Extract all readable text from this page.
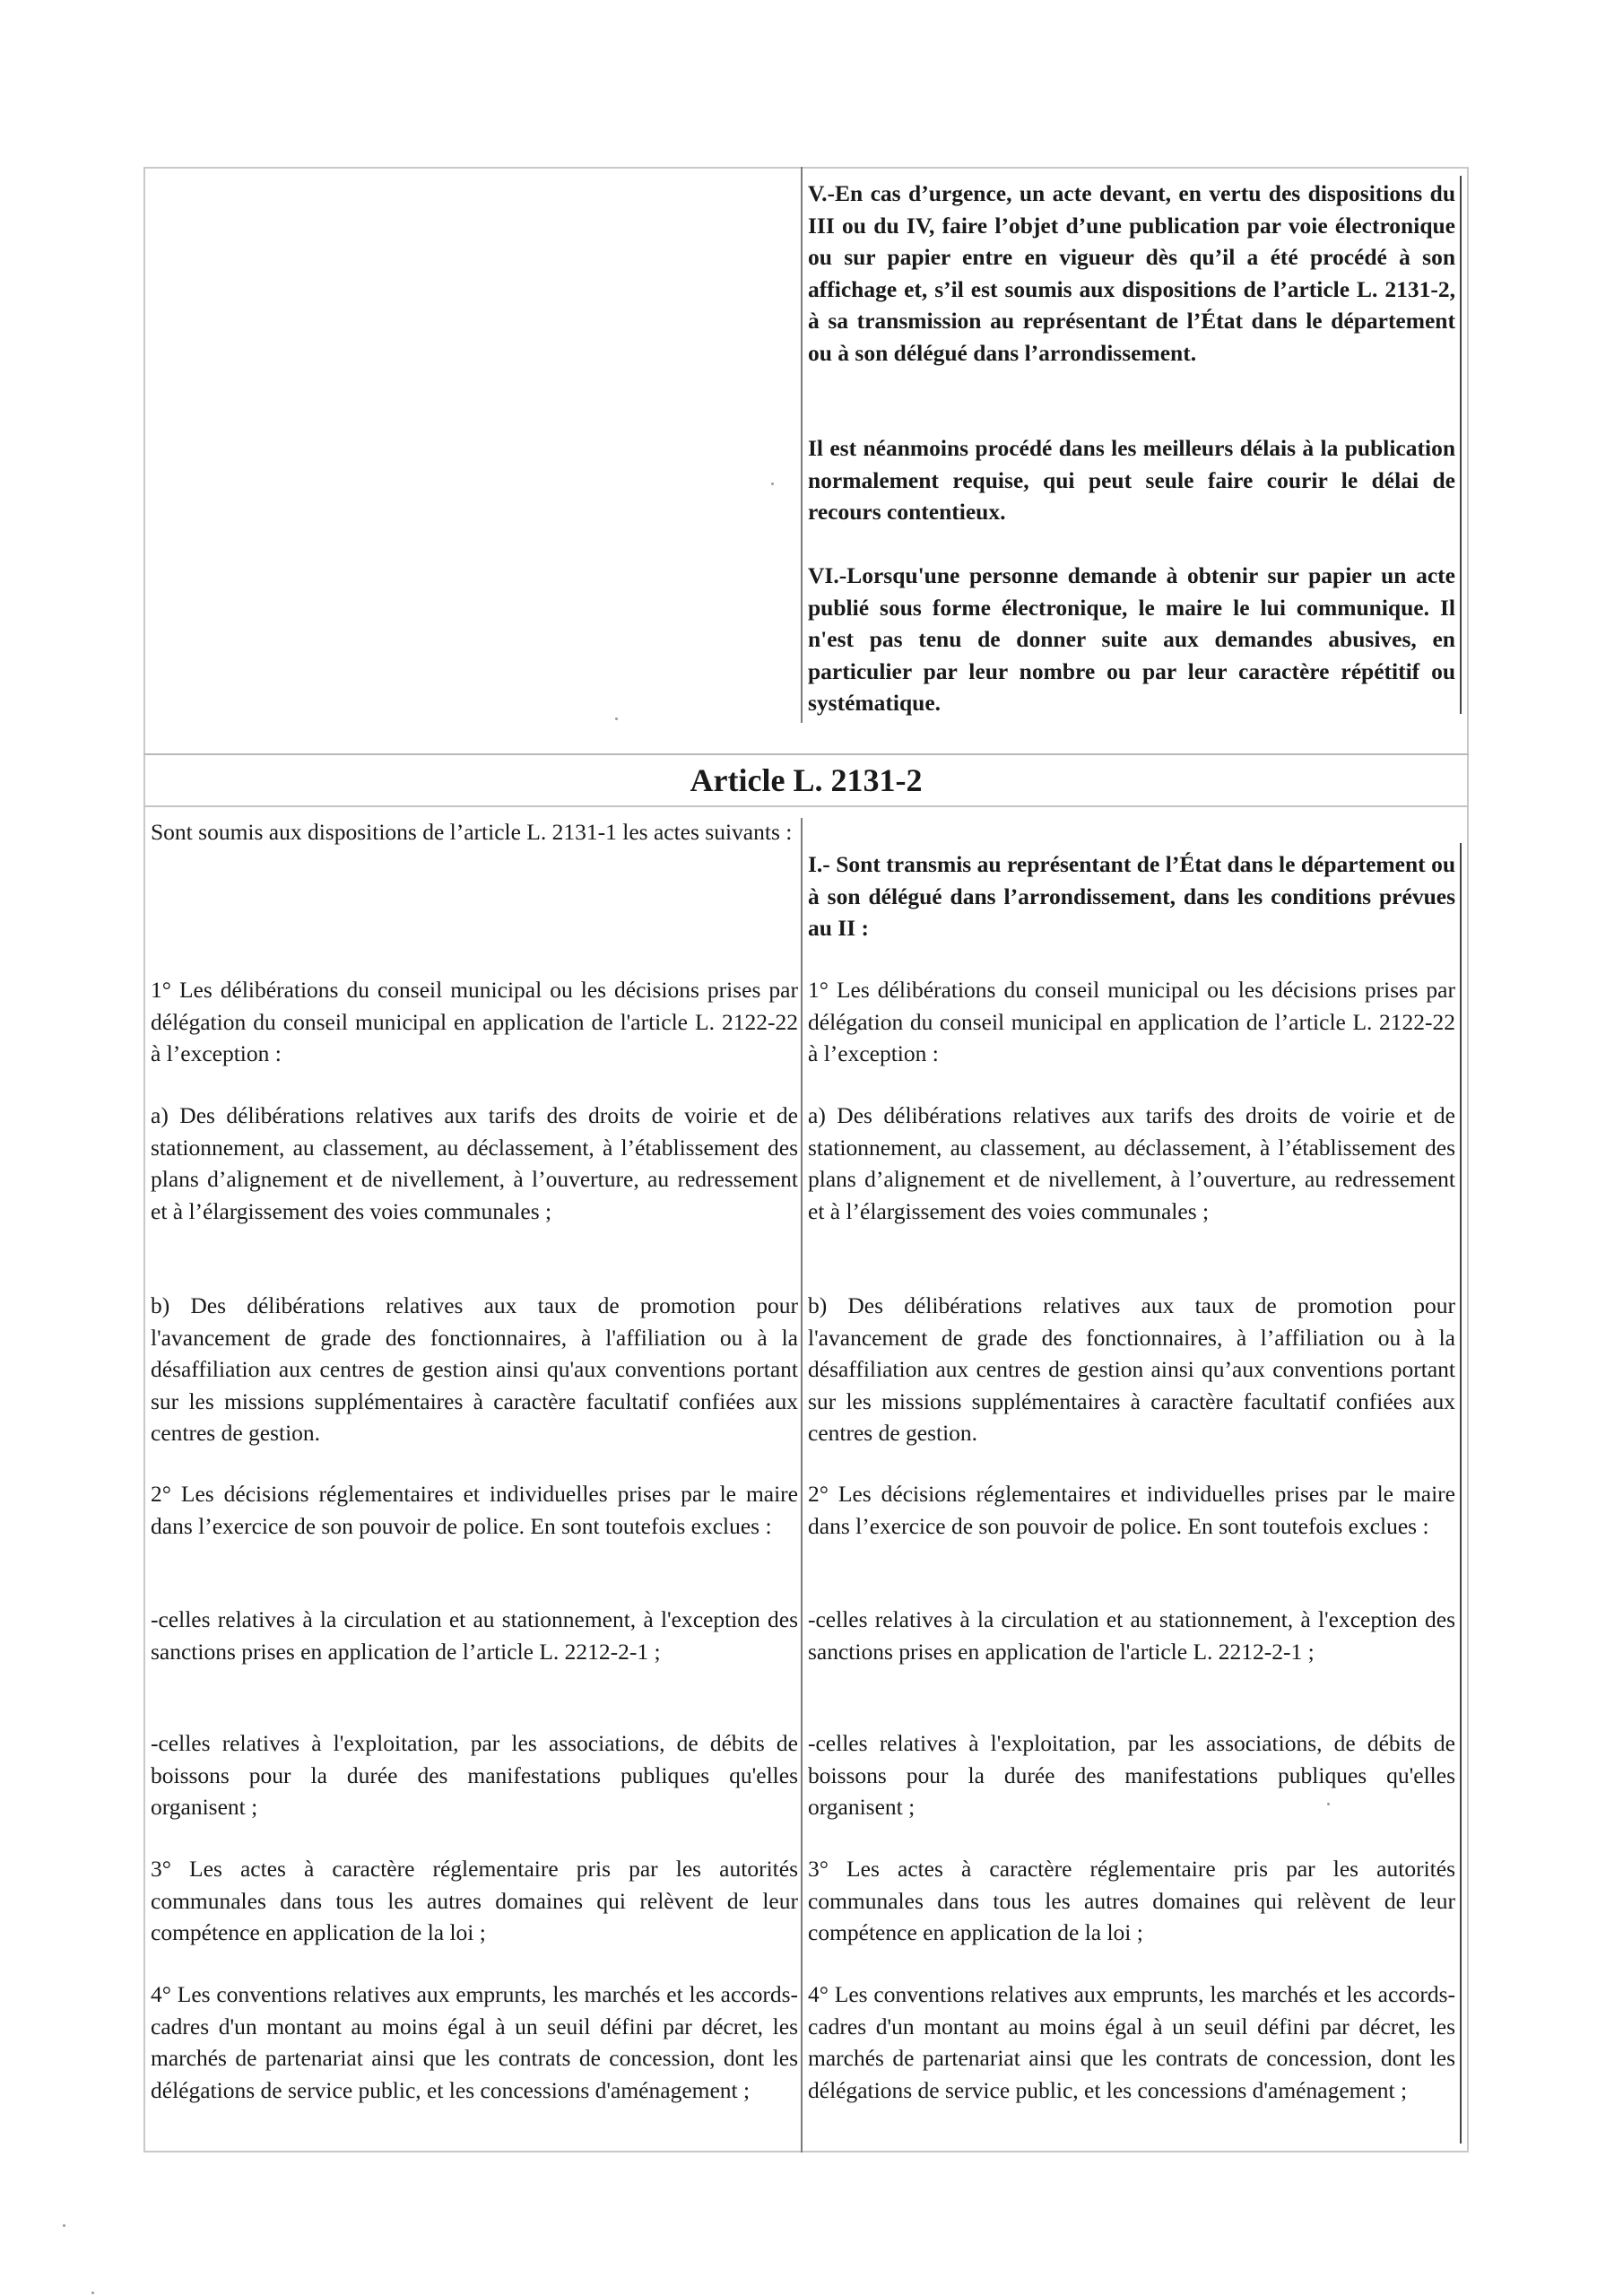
V.-En cas d’urgence, un acte devant, en vertu des dispositions du III ou du IV, faire l’objet d’une publication par voie électronique ou sur papier entre en vigueur dès qu’il a été procédé à son affichage et, s’il est soumis aux dispositions de l’article L. 2131-2, à sa transmission au représentant de l’État dans le département ou à son délégué dans l’arrondissement.

Il est néanmoins procédé dans les meilleurs délais à la publication normalement requise, qui peut seule faire courir le délai de recours contentieux.

VI.-Lorsqu'une personne demande à obtenir sur papier un acte publié sous forme électronique, le maire le lui communique. Il n'est pas tenu de donner suite aux demandes abusives, en particulier par leur nombre ou par leur caractère répétitif ou systématique.

Article L. 2131-2
Sont soumis aux dispositions de l’article L. 2131-1 les actes suivants :
I.- Sont transmis au représentant de l’État dans le département ou à son délégué dans l’arrondissement, dans les conditions prévues au II :
1° Les délibérations du conseil municipal ou les décisions prises par délégation du conseil municipal en application de l'article L. 2122-22 à l’exception :
1° Les délibérations du conseil municipal ou les décisions prises par délégation du conseil municipal en application de l’article L. 2122-22 à l’exception :
a) Des délibérations relatives aux tarifs des droits de voirie et de stationnement, au classement, au déclassement, à l’établissement des plans d’alignement et de nivellement, à l’ouverture, au redressement et à l’élargissement des voies communales ;
a) Des délibérations relatives aux tarifs des droits de voirie et de stationnement, au classement, au déclassement, à l’établissement des plans d’alignement et de nivellement, à l’ouverture, au redressement et à l’élargissement des voies communales ;
b) Des délibérations relatives aux taux de promotion pour l'avancement de grade des fonctionnaires, à l'affiliation ou à la désaffiliation aux centres de gestion ainsi qu'aux conventions portant sur les missions supplémentaires à caractère facultatif confiées aux centres de gestion.
b) Des délibérations relatives aux taux de promotion pour l'avancement de grade des fonctionnaires, à l’affiliation ou à la désaffiliation aux centres de gestion ainsi qu’aux conventions portant sur les missions supplémentaires à caractère facultatif confiées aux centres de gestion.
2° Les décisions réglementaires et individuelles prises par le maire dans l’exercice de son pouvoir de police. En sont toutefois exclues :
2° Les décisions réglementaires et individuelles prises par le maire dans l’exercice de son pouvoir de police. En sont toutefois exclues :
-celles relatives à la circulation et au stationnement, à l'exception des sanctions prises en application de l’article L. 2212-2-1 ;
-celles relatives à la circulation et au stationnement, à l'exception des sanctions prises en application de l'article L. 2212-2-1 ;
-celles relatives à l'exploitation, par les associations, de débits de boissons pour la durée des manifestations publiques qu'elles organisent ;
-celles relatives à l'exploitation, par les associations, de débits de boissons pour la durée des manifestations publiques qu'elles organisent ;
3° Les actes à caractère réglementaire pris par les autorités communales dans tous les autres domaines qui relèvent de leur compétence en application de la loi ;
3° Les actes à caractère réglementaire pris par les autorités communales dans tous les autres domaines qui relèvent de leur compétence en application de la loi ;
4° Les conventions relatives aux emprunts, les marchés et les accords-cadres d'un montant au moins égal à un seuil défini par décret, les marchés de partenariat ainsi que les contrats de concession, dont les délégations de service public, et les concessions d'aménagement ;
4° Les conventions relatives aux emprunts, les marchés et les accords-cadres d'un montant au moins égal à un seuil défini par décret, les marchés de partenariat ainsi que les contrats de concession, dont les délégations de service public, et les concessions d'aménagement ;
